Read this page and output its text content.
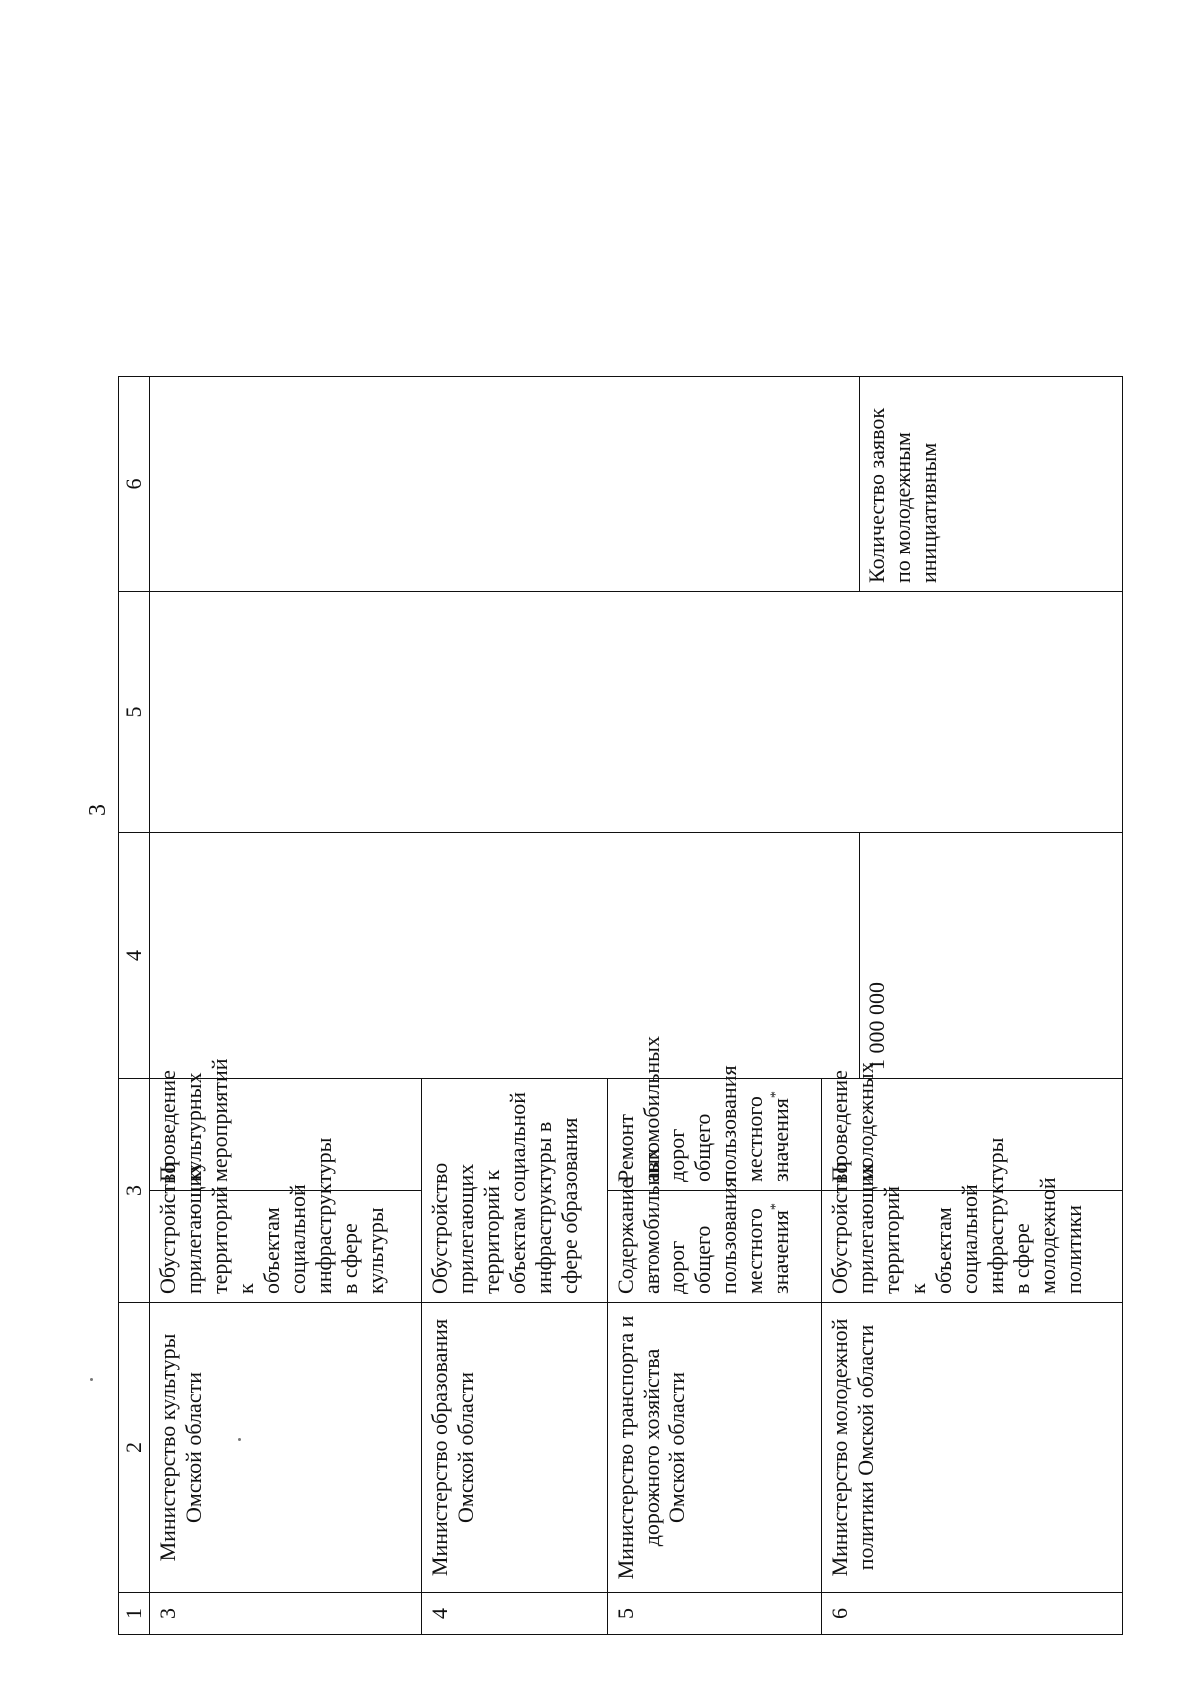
3
1	2	3		4	5	6
3	Министерство культуры Омской области	Обустройство прилегающих территорий к объектам социальной инфраструктуры в сфере культуры	Проведение культурных мероприятий			

4	Министерство образования Омской области	Обустройство прилегающих территорий к объектам социальной инфраструктуры в сфере образования				
5	Министерство транспорта и дорожного хозяйства Омской области	Содержание автомобильных дорог общего пользования местного значения*	Ремонт автомобильных дорог общего пользования местного значения*			
6	Министерство молодежной политики Омской области	Обустройство прилегающих территорий к объектам социальной инфраструктуры в сфере молодежной политики	Проведение молодежных	1 000 000		Количество заявок по молодежным инициативным
